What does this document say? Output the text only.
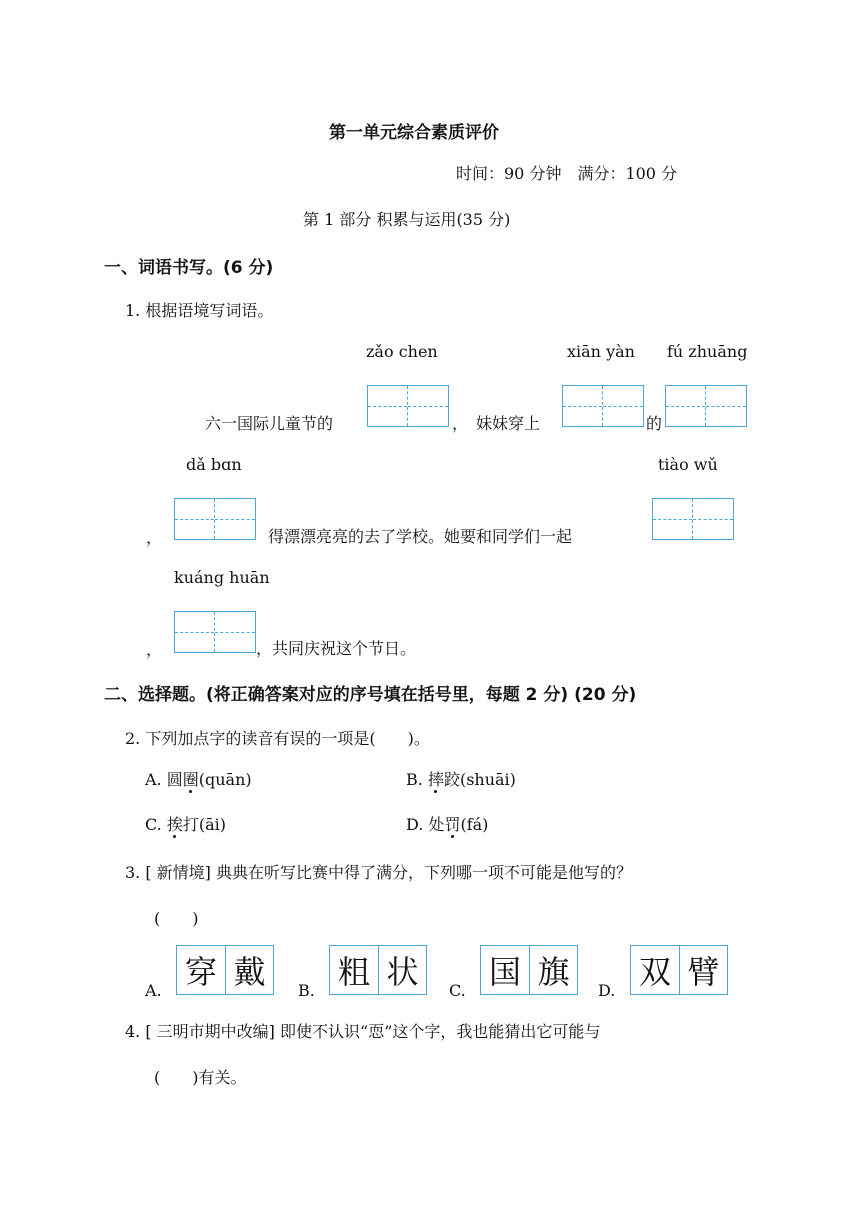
第一单元综合素质评价
时间：90 分钟　满分：100 分
第 1 部分 积累与运用(35 分)
一、词语书写。(6 分)
1. 根据语境写词语。
zǎo chen	xiān yàn fú zhuāng
六一国际儿童节的	，　妹妹穿上	的
dǎ bɑn	tiào wǔ
，	得漂漂亮亮的去了学校。她要和同学们一起
kuáng huān
，	，共同庆祝这个节日。
二、选择题。(将正确答案对应的序号填在括号里，每题 2 分) (20 分)
2. 下列加点字的读音有误的一项是(　　)。
A. 圆圈(quān)	B. 摔跤(shuāi)
C. 挨打(āi)	D. 处罚(fá)
3. [ 新情境] 典典在听写比赛中得了满分，下列哪一项不可能是他写的？
(　　)
A. 穿 戴	B. 粗 状	C. 国 旗	D. 双 臂
4. [ 三明市期中改编] 即使不认识“恧”这个字，我也能猜出它可能与
(　　)有关。
